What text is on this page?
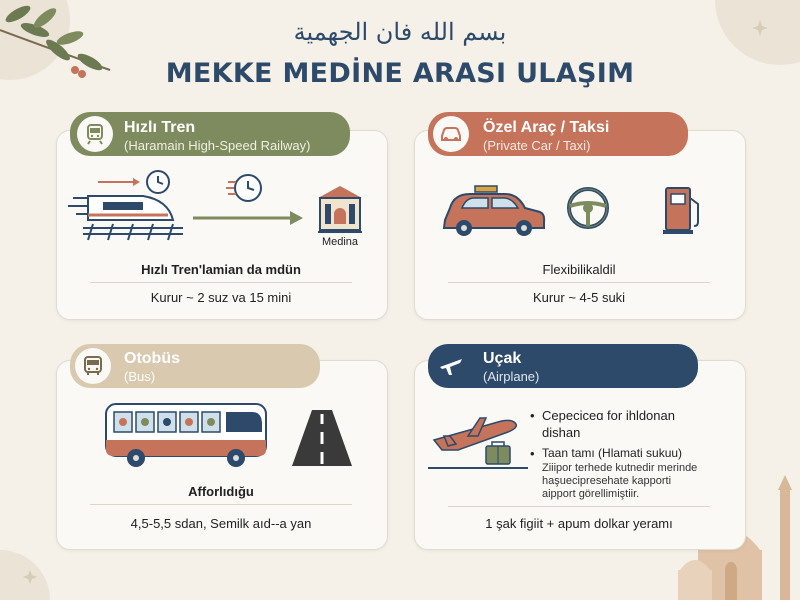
بسم الله فان الجهمية
MEKKE MEDİNE ARASI ULAŞIM
Hızlı Tren
(Haramain High-Speed Railway)
Medina
Hızlı Tren'lamian da mdün
Kurur ~ 2 suz va 15 mini
Özel Araç / Taksi
(Private Car / Taxi)
Flexibilikaldil
Kurur ~ 4-5 suki
Otobüs
(Bus)
Afforlıdığu
4,5-5,5 sdan, Semilk aıd--a yan
Uçak
(Airplane)
• Cepeciceɑ for ihldonan
dishan
• Taan tamı (Hlamati sukuu)
Ziiipor terhede kutnedir merinde
haşuecipresehate kapporti
aipport görellimiştiir.
1 şak figiit + apum dolkar yeramı
